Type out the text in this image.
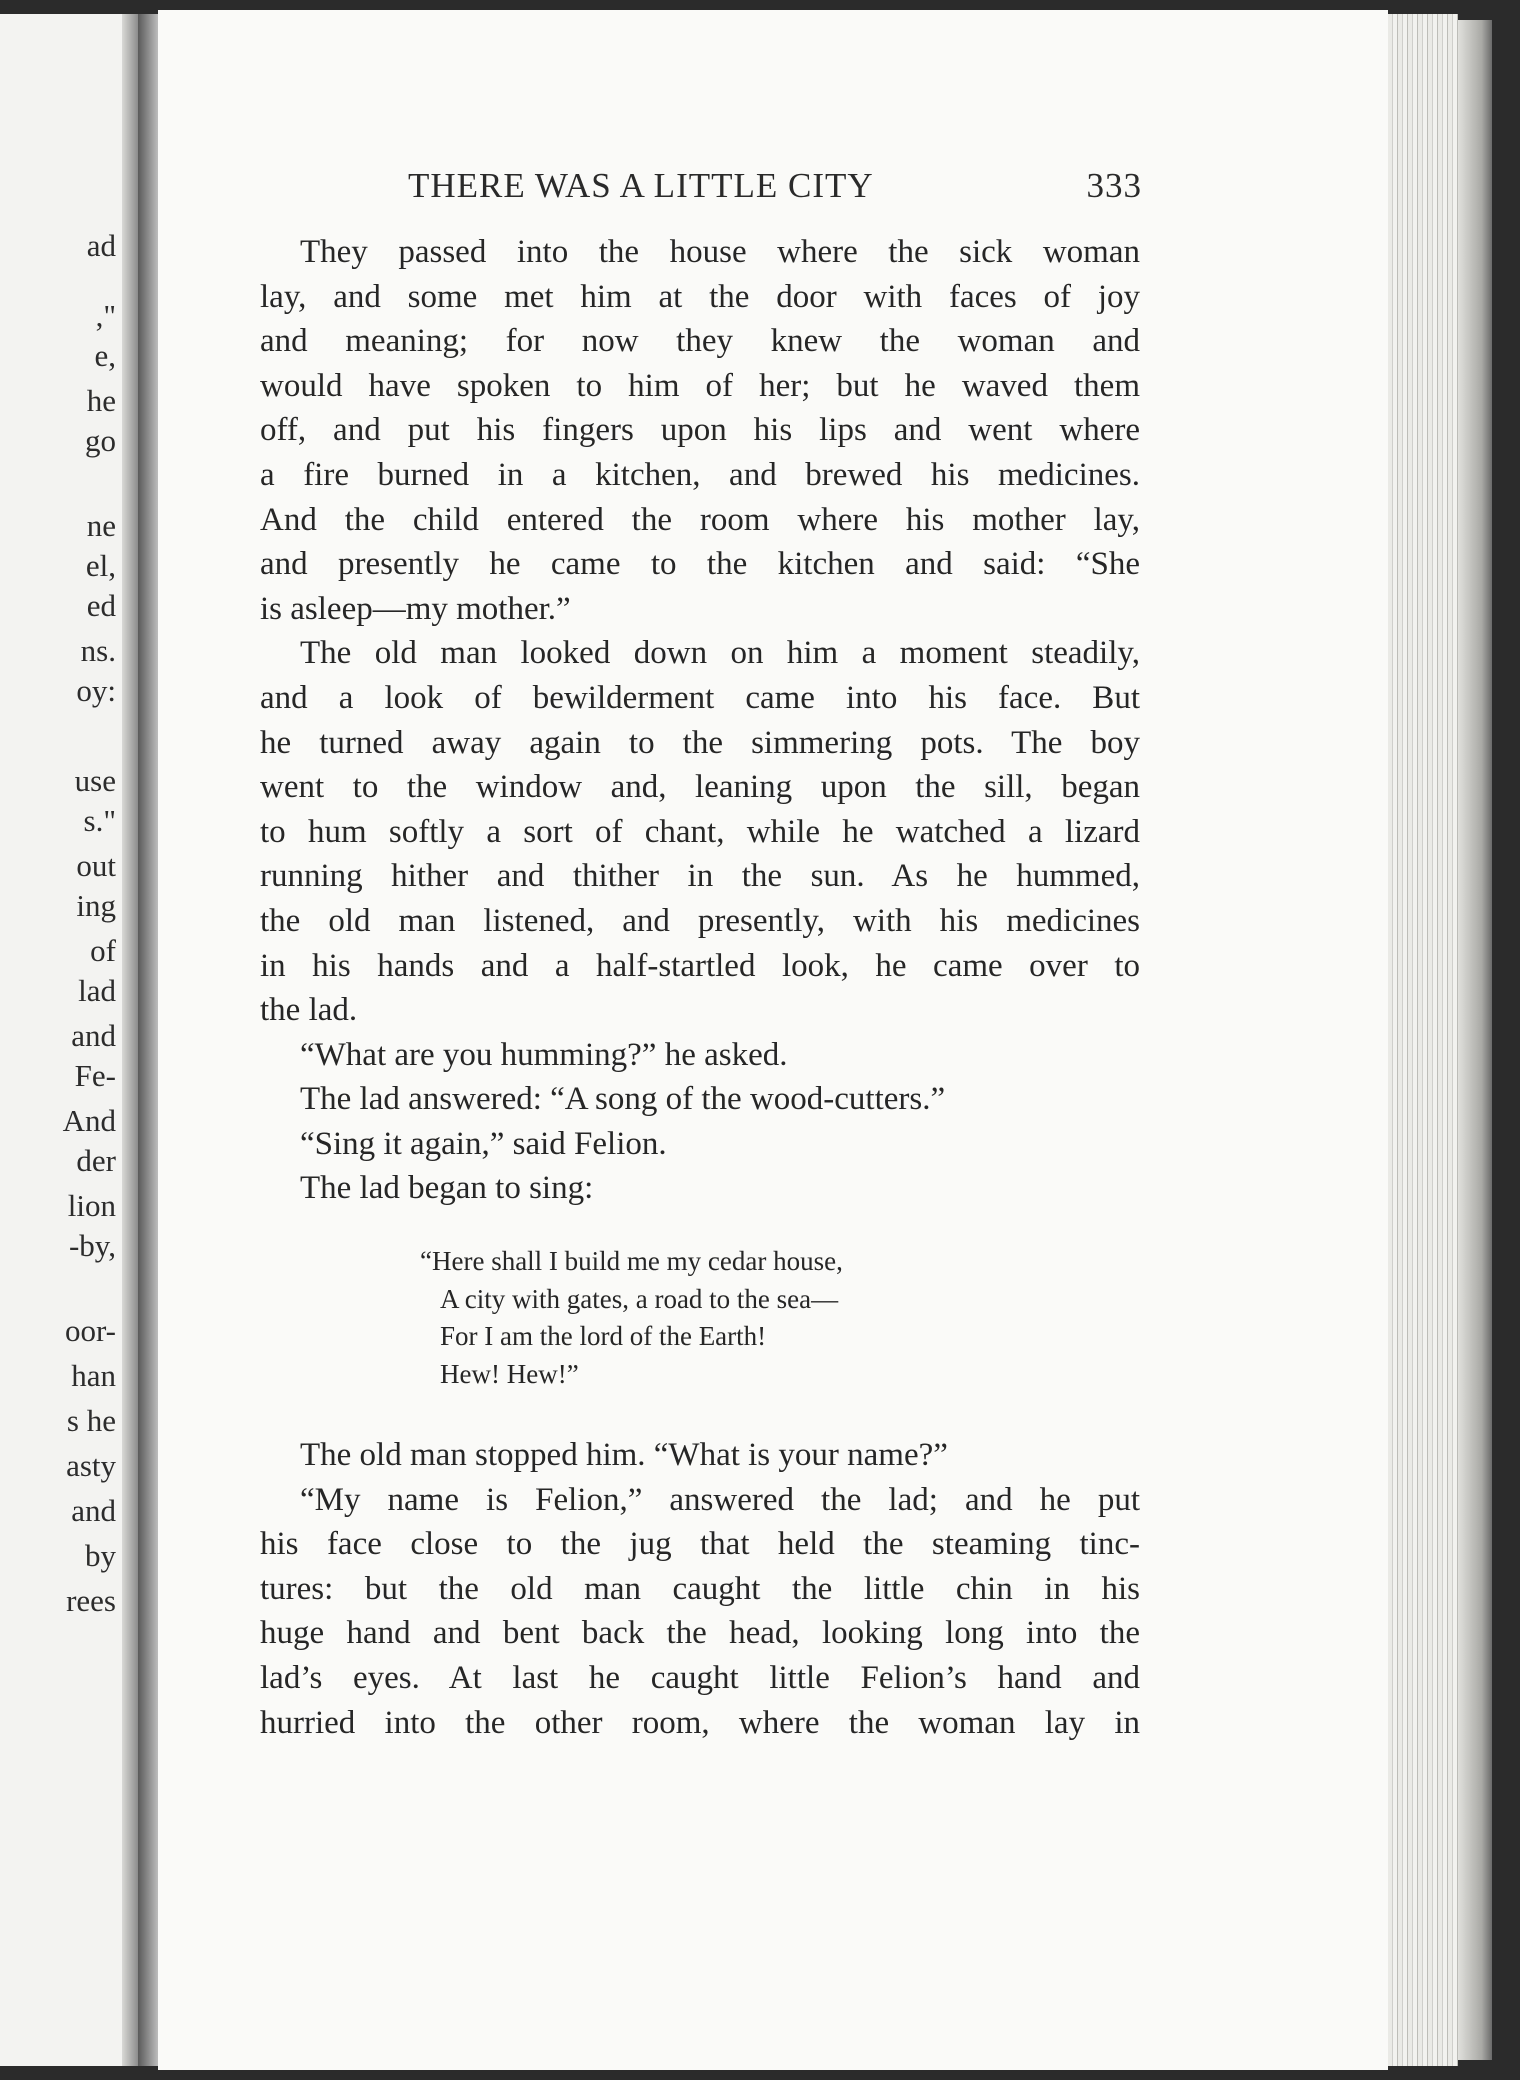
ad
,"
e,
he
go
ne
el,
ed
ns.
oy:
use
s."
out
ing
of
lad
and
Fe-
And
der
lion
-by,
oor-
han
s he
asty
and
by
rees
THERE WAS A LITTLE CITY	333
They passed into the house where the sick woman
lay, and some met him at the door with faces of joy
and meaning; for now they knew the woman and
would have spoken to him of her; but he waved them
off, and put his fingers upon his lips and went where
a fire burned in a kitchen, and brewed his medicines.
And the child entered the room where his mother lay,
and presently he came to the kitchen and said: “She
is asleep—my mother.”
The old man looked down on him a moment steadily,
and a look of bewilderment came into his face. But
he turned away again to the simmering pots. The boy
went to the window and, leaning upon the sill, began
to hum softly a sort of chant, while he watched a lizard
running hither and thither in the sun. As he hummed,
the old man listened, and presently, with his medicines
in his hands and a half-startled look, he came over to
the lad.
“What are you humming?” he asked.
The lad answered: “A song of the wood-cutters.”
“Sing it again,” said Felion.
The lad began to sing:
“Here shall I build me my cedar house,
A city with gates, a road to the sea—
For I am the lord of the Earth!
Hew! Hew!”
The old man stopped him. “What is your name?”
“My name is Felion,” answered the lad; and he put
his face close to the jug that held the steaming tinc-
tures: but the old man caught the little chin in his
huge hand and bent back the head, looking long into the
lad’s eyes. At last he caught little Felion’s hand and
hurried into the other room, where the woman lay in
